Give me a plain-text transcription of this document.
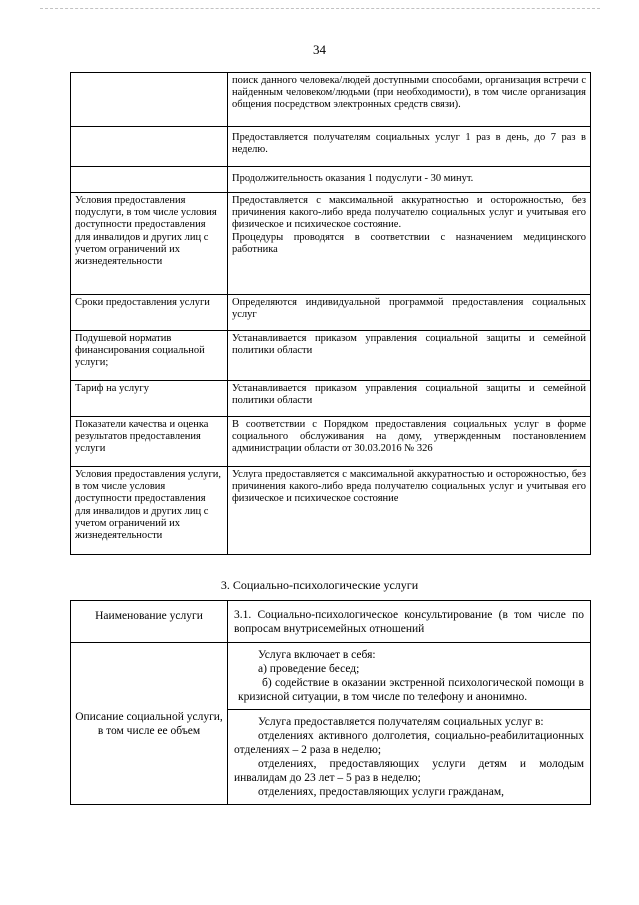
34
	поиск данного человека/людей доступными способами, организация встречи с найденным человеком/людьми (при необходимости), в том числе организация общения посредством электронных средств связи).
	Предоставляется получателям социальных услуг 1 раз в день, до 7 раз в неделю.
	Продолжительность оказания 1 подуслуги - 30 минут.
Условия предоставления подуслуги, в том числе условия доступности предоставления для инвалидов и других лиц с учетом ограничений их жизнедеятельности	Предоставляется с максимальной аккуратностью и осторожностью, без причинения какого-либо вреда получателю социальных услуг и учитывая его физическое и психическое состояние.
Процедуры проводятся в соответствии с назначением медицинского работника

Сроки предоставления услуги	Определяются индивидуальной программой предоставления социальных услуг
Подушевой норматив финансирования социальной услуги;	Устанавливается приказом управления социальной защиты и семейной политики области
Тариф на услугу	Устанавливается приказом управления социальной защиты и семейной политики области
Показатели качества и оценка результатов предоставления услуги	В соответствии с Порядком предоставления социальных услуг в форме социального обслуживания на дому, утвержденным постановлением администрации области от 30.03.2016 № 326
Условия предоставления услуги, в том числе условия доступности предоставления для инвалидов и других лиц с учетом ограничений их жизнедеятельности	Услуга предоставляется с максимальной аккуратностью и осторожностью, без причинения какого-либо вреда получателю социальных услуг и учитывая его физическое и психическое состояние
3. Социально-психологические услуги
Наименование услуги	3.1. Социально-психологическое консультирование (в том числе по вопросам внутрисемейных отношений
Описание социальной услуги, в том числе ее объем	Услуга включает в себя:

а) проведение бесед;

б) содействие в оказании экстренной психологической помощи в кризисной ситуации, в том числе по телефону и анонимно.

	Услуга предоставляется получателям социальных услуг в:

отделениях активного долголетия, социально-реабилитационных отделениях – 2 раза в неделю;

отделениях, предоставляющих услуги детям и молодым инвалидам до 23 лет – 5 раз в неделю;

отделениях, предоставляющих услуги гражданам,
